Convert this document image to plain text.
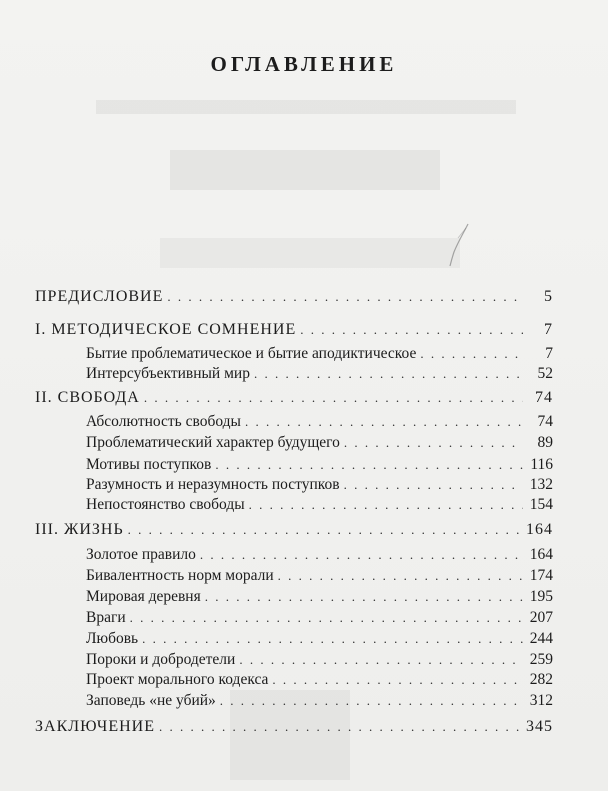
ОГЛАВЛЕНИЕ
ПРЕДИСЛОВИЕ . . .	5
I. МЕТОДИЧЕСКОЕ СОМНЕНИЕ . . .	7
Бытие проблематическое и бытие аподиктическое . . .	7
Интерсубъективный мир . . .	52
II. СВОБОДА . . .	74
Абсолютность свободы . . .	74
Проблематический характер будущего . . .	89
Мотивы поступков . . .	116
Разумность и неразумность поступков . . .	132
Непостоянство свободы . . .	154
III. ЖИЗНЬ . . .	164
Золотое правило . . .	164
Бивалентность норм морали . . .	174
Мировая деревня . . .	195
Враги . . .	207
Любовь . . .	244
Пороки и добродетели . . .	259
Проект морального кодекса . . .	282
Заповедь «не убий» . . .	312
ЗАКЛЮЧЕНИЕ . . .	345
